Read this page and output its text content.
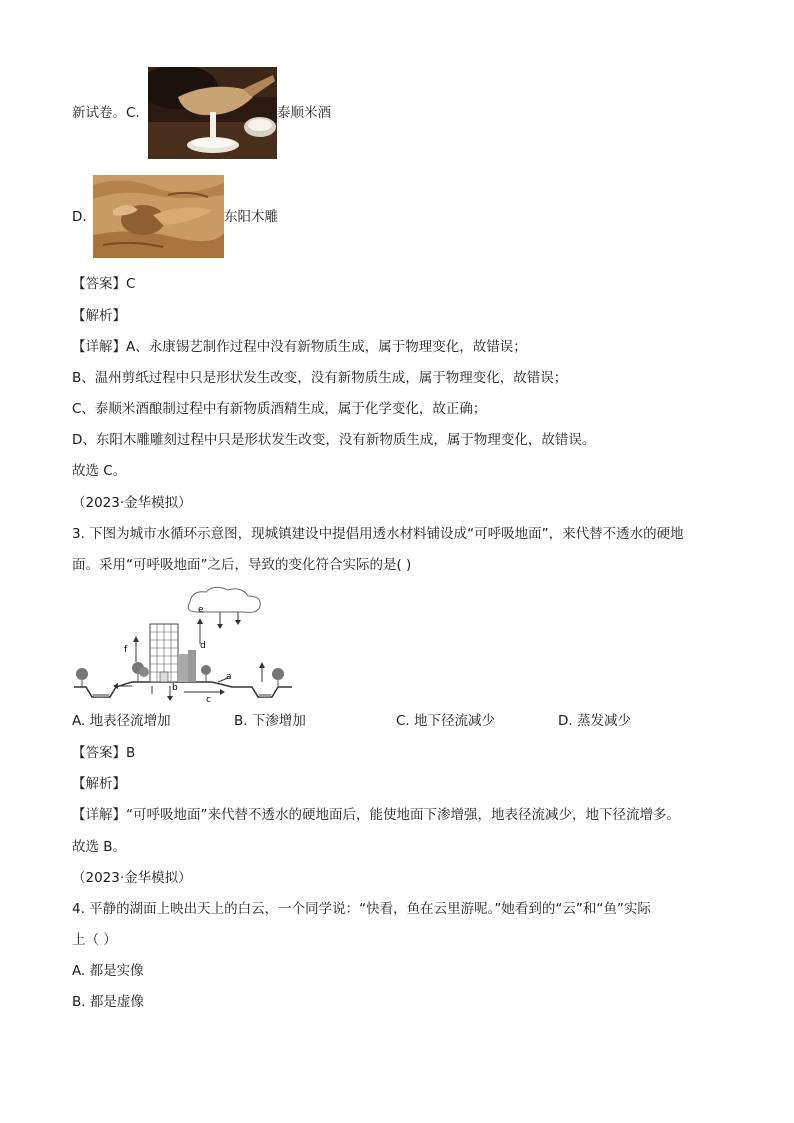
新试卷。C.	泰顺米酒
D.	东阳木雕
【答案】C
【解析】
【详解】A、永康锡艺制作过程中没有新物质生成，属于物理变化，故错误；
B、温州剪纸过程中只是形状发生改变，没有新物质生成，属于物理变化，故错误；
C、泰顺米酒酿制过程中有新物质酒精生成，属于化学变化，故正确；
D、东阳木雕雕刻过程中只是形状发生改变，没有新物质生成，属于物理变化，故错误。
故选 C。
（2023·金华模拟）
3. 下图为城市水循环示意图，现城镇建设中提倡用透水材料铺设成“可呼吸地面”，来代替不透水的硬地
面。采用“可呼吸地面”之后，导致的变化符合实际的是( )
e
d
f
a
b
c
A. 地表径流增加	B. 下渗增加	C. 地下径流减少	D. 蒸发减少
【答案】B
【解析】
【详解】“可呼吸地面”来代替不透水的硬地面后，能使地面下渗增强，地表径流减少，地下径流增多。
故选 B。
（2023·金华模拟）
4. 平静的湖面上映出天上的白云，一个同学说：“快看，鱼在云里游呢。”她看到的“云”和“鱼”实际
上（ ）
A. 都是实像
B. 都是虚像
